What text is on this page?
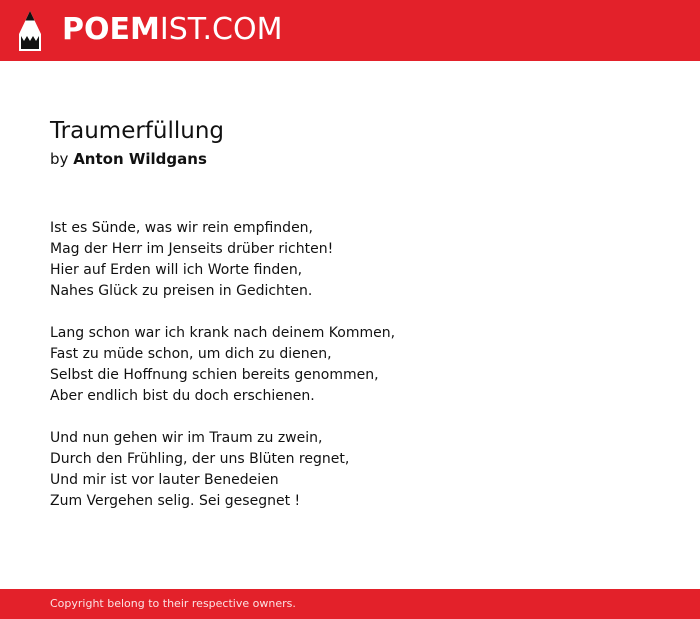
POEMIST.COM
Traumerfüllung
by Anton Wildgans

Ist es Sünde, was wir rein empfinden,
Mag der Herr im Jenseits drüber richten!
Hier auf Erden will ich Worte finden,
Nahes Glück zu preisen in Gedichten.

Lang schon war ich krank nach deinem Kommen,
Fast zu müde schon, um dich zu dienen,
Selbst die Hoffnung schien bereits genommen,
Aber endlich bist du doch erschienen.

Und nun gehen wir im Traum zu zwein,
Durch den Frühling, der uns Blüten regnet,
Und mir ist vor lauter Benedeien
Zum Vergehen selig. Sei gesegnet !

Copyright belong to their respective owners.
